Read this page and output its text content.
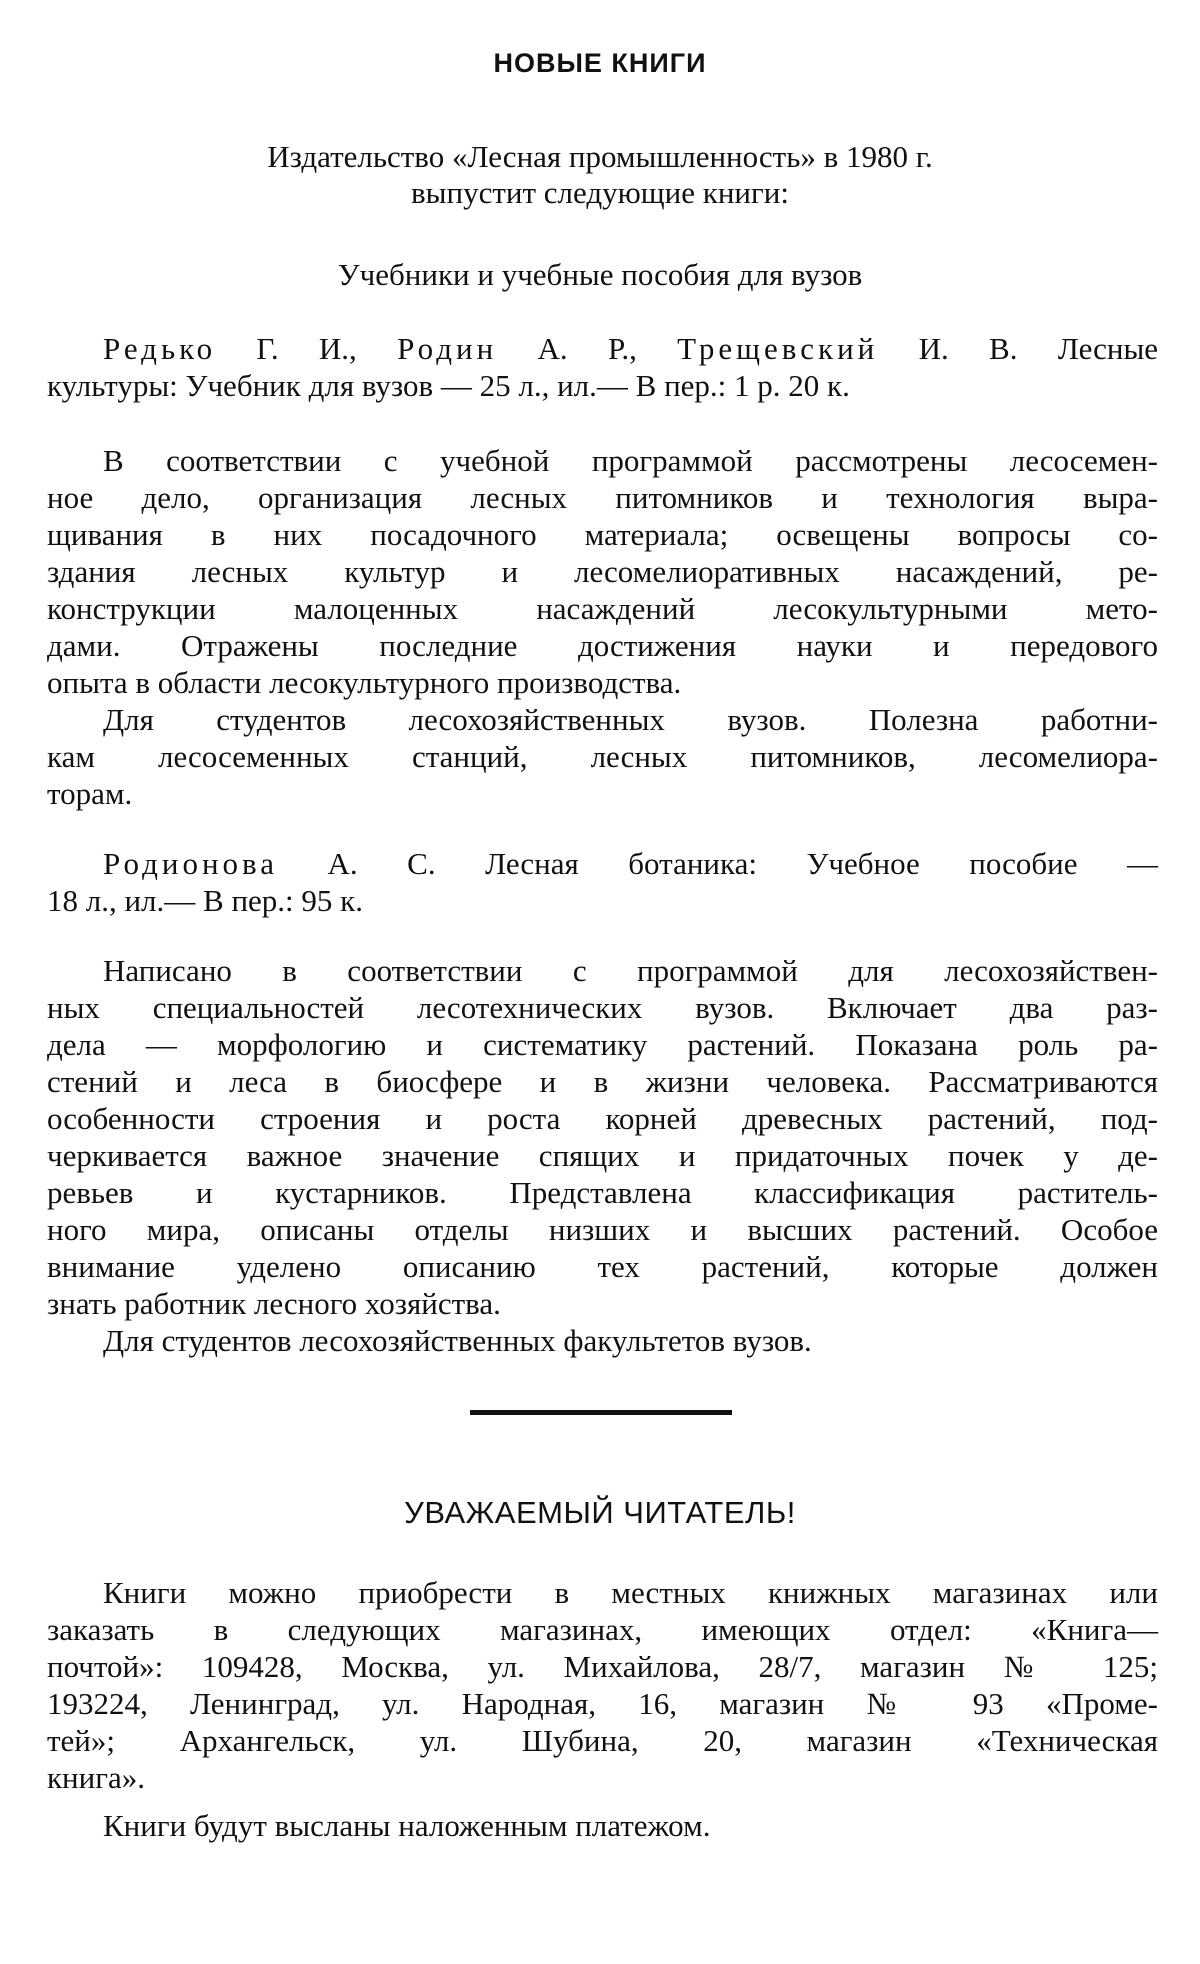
НОВЫЕ КНИГИ
Издательство «Лесная промышленность» в 1980 г.
выпустит следующие книги:
Учебники и учебные пособия для вузов
Редько Г. И., Родин А. Р., Трещевский И. В. Лесные
культуры: Учебник для вузов — 25 л., ил.— В пер.: 1 р. 20 к.
В соответствии с учебной программой рассмотрены лесосемен-
ное дело, организация лесных питомников и технология выра-
щивания в них посадочного материала; освещены вопросы со-
здания лесных культур и лесомелиоративных насаждений, ре-
конструкции малоценных насаждений лесокультурными мето-
дами. Отражены последние достижения науки и передового
опыта в области лесокультурного производства.
Для студентов лесохозяйственных вузов. Полезна работни-
кам лесосеменных станций, лесных питомников, лесомелиора-
торам.
Родионова А. С. Лесная ботаника: Учебное пособие —
18 л., ил.— В пер.: 95 к.
Написано в соответствии с программой для лесохозяйствен-
ных специальностей лесотехнических вузов. Включает два раз-
дела — морфологию и систематику растений. Показана роль ра-
стений и леса в биосфере и в жизни человека. Рассматриваются
особенности строения и роста корней древесных растений, под-
черкивается важное значение спящих и придаточных почек у де-
ревьев и кустарников. Представлена классификация раститель-
ного мира, описаны отделы низших и высших растений. Особое
внимание уделено описанию тех растений, которые должен
знать работник лесного хозяйства.
Для студентов лесохозяйственных факультетов вузов.
УВАЖАЕМЫЙ ЧИТАТЕЛЬ!
Книги можно приобрести в местных книжных магазинах или
заказать в следующих магазинах, имеющих отдел: «Книга—
почтой»: 109428, Москва, ул. Михайлова, 28/7, магазин № 125;
193224, Ленинград, ул. Народная, 16, магазин № 93 «Проме-
тей»; Архангельск, ул. Шубина, 20, магазин «Техническая
книга».
Книги будут высланы наложенным платежом.
